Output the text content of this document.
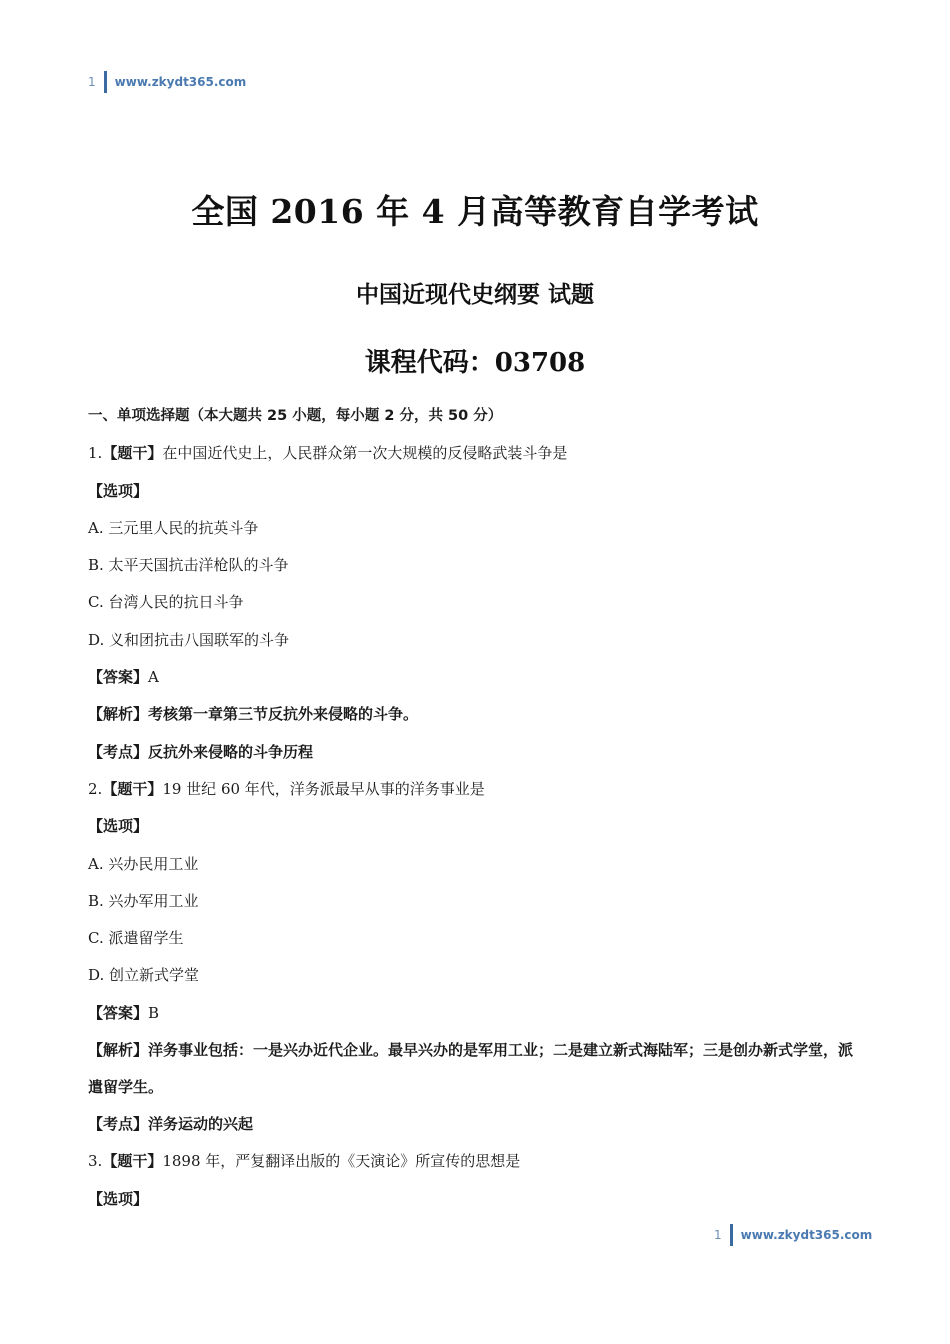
1 www.zkydt365.com
全国 2016 年 4 月高等教育自学考试
中国近现代史纲要 试题
课程代码：03708
一、单项选择题（本大题共 25 小题，每小题 2 分，共 50 分）
1.【题干】在中国近代史上，人民群众第一次大规模的反侵略武装斗争是
【选项】
A. 三元里人民的抗英斗争
B. 太平天国抗击洋枪队的斗争
C. 台湾人民的抗日斗争
D. 义和团抗击八国联军的斗争
【答案】A
【解析】考核第一章第三节反抗外来侵略的斗争。
【考点】反抗外来侵略的斗争历程
2.【题干】19 世纪 60 年代，洋务派最早从事的洋务事业是
【选项】
A. 兴办民用工业
B. 兴办军用工业
C. 派遣留学生
D. 创立新式学堂
【答案】B
【解析】洋务事业包括：一是兴办近代企业。最早兴办的是军用工业；二是建立新式海陆军；三是创办新式学堂，派遣留学生。
【考点】洋务运动的兴起
3.【题干】1898 年，严复翻译出版的《天演论》所宣传的思想是
【选项】
1 www.zkydt365.com
